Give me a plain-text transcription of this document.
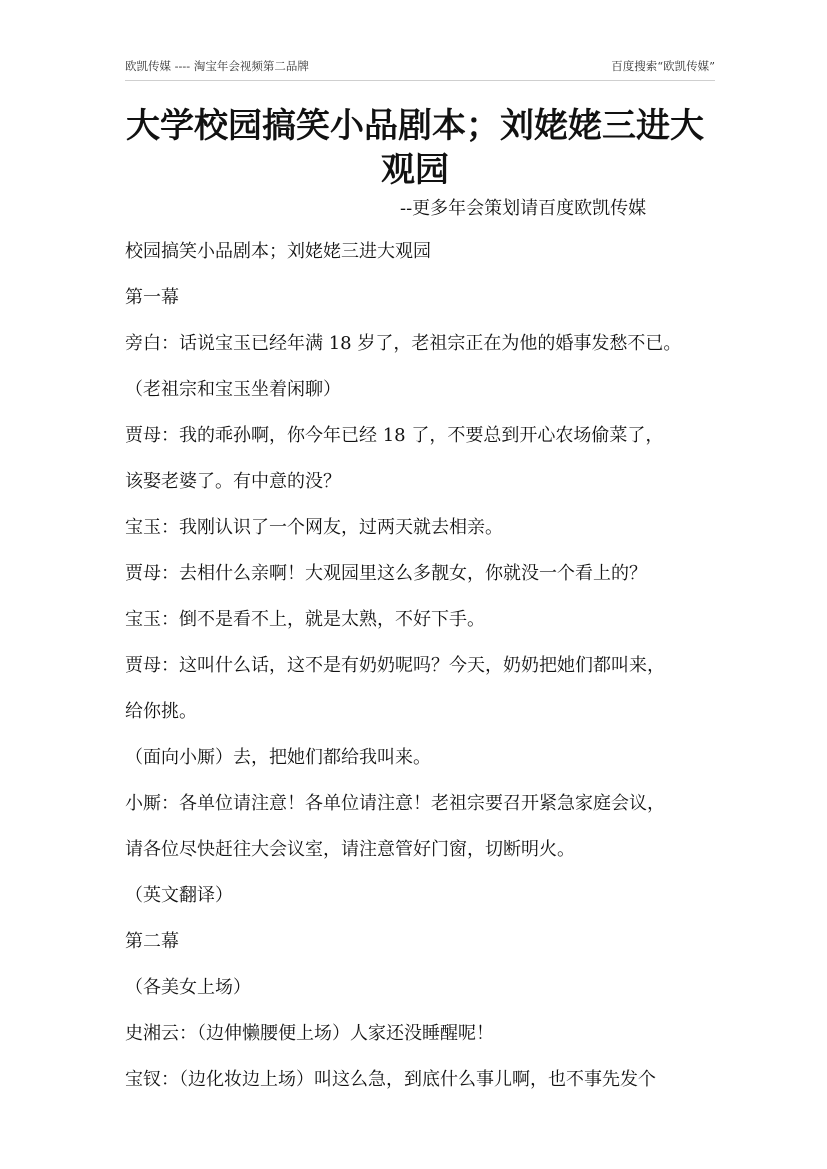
欧凯传媒 ---- 淘宝年会视频第二品牌	百度搜索“欧凯传媒”
大学校园搞笑小品剧本；刘姥姥三进大
观园
--更多年会策划请百度欧凯传媒
校园搞笑小品剧本；刘姥姥三进大观园
第一幕
旁白：话说宝玉已经年满 18 岁了，老祖宗正在为他的婚事发愁不已。
（老祖宗和宝玉坐着闲聊）
贾母：我的乖孙啊，你今年已经 18 了，不要总到开心农场偷菜了，
该娶老婆了。有中意的没？
宝玉：我刚认识了一个网友，过两天就去相亲。
贾母：去相什么亲啊！大观园里这么多靓女，你就没一个看上的？
宝玉：倒不是看不上，就是太熟，不好下手。
贾母：这叫什么话，这不是有奶奶呢吗？今天，奶奶把她们都叫来，
给你挑。
（面向小厮）去，把她们都给我叫来。
小厮：各单位请注意！各单位请注意！老祖宗要召开紧急家庭会议，
请各位尽快赶往大会议室，请注意管好门窗，切断明火。
（英文翻译）
第二幕
（各美女上场）
史湘云：（边伸懒腰便上场）人家还没睡醒呢！
宝钗：（边化妆边上场）叫这么急，到底什么事儿啊，也不事先发个
